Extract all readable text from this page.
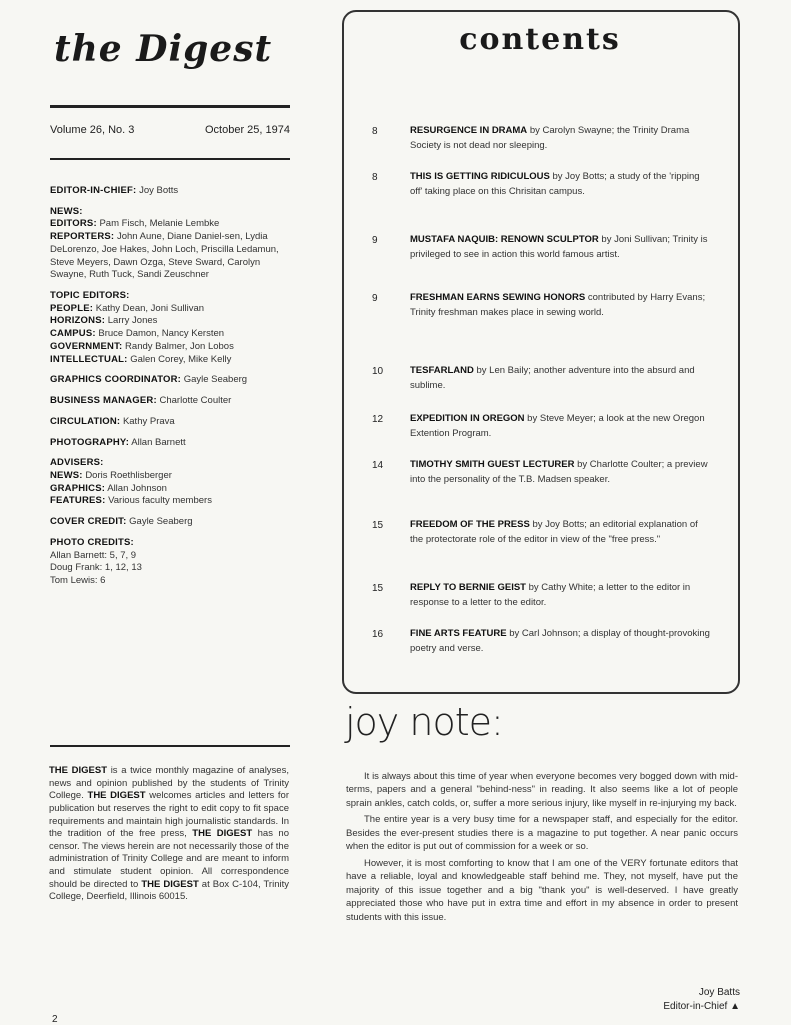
the Digest
Volume 26, No. 3	October 25, 1974
EDITOR-IN-CHIEF: Joy Botts
NEWS:
EDITORS: Pam Fisch, Melanie Lembke
REPORTERS: John Aune, Diane Daniel-sen, Lydia DeLorenzo, Joe Hakes, John Loch, Priscilla Ledamun, Steve Meyers, Dawn Ozga, Steve Sward, Carolyn Swayne, Ruth Tuck, Sandi Zeuschner
TOPIC EDITORS:
PEOPLE: Kathy Dean, Joni Sullivan
HORIZONS: Larry Jones
CAMPUS: Bruce Damon, Nancy Kersten
GOVERNMENT: Randy Balmer, Jon Lobos
INTELLECTUAL: Galen Corey, Mike Kelly
GRAPHICS COORDINATOR: Gayle Seaberg
BUSINESS MANAGER: Charlotte Coulter
CIRCULATION: Kathy Prava
PHOTOGRAPHY: Allan Barnett
ADVISERS:
NEWS: Doris Roethlisberger
GRAPHICS: Allan Johnson
FEATURES: Various faculty members
COVER CREDIT: Gayle Seaberg
PHOTO CREDITS:
Allan Barnett: 5, 7, 9
Doug Frank: 1, 12, 13
Tom Lewis: 6
THE DIGEST is a twice monthly magazine of analyses, news and opinion published by the students of Trinity College. THE DIGEST welcomes articles and letters for publication but reserves the right to edit copy to fit space requirements and maintain high journalistic standards. In the tradition of the free press, THE DIGEST has no censor. The views herein are not necessarily those of the administration of Trinity College and are meant to inform and stimulate student opinion. All correspondence should be directed to THE DIGEST at Box C-104, Trinity College, Deerfield, Illinois 60015.
contents
8	RESURGENCE IN DRAMA by Carolyn Swayne; the Trinity Drama Society is not dead nor sleeping.
8	THIS IS GETTING RIDICULOUS by Joy Botts; a study of the 'ripping off' taking place on this Chrisitan campus.
9	MUSTAFA NAQUIB: RENOWN SCULPTOR by Joni Sullivan; Trinity is privileged to see in action this world famous artist.
9	FRESHMAN EARNS SEWING HONORS contributed by Harry Evans; Trinity freshman makes place in sewing world.
10	TESFARLAND by Len Baily; another adventure into the absurd and sublime.
12	EXPEDITION IN OREGON by Steve Meyer; a look at the new Oregon Extention Program.
14	TIMOTHY SMITH GUEST LECTURER by Charlotte Coulter; a preview into the personality of the T.B. Madsen speaker.
15	FREEDOM OF THE PRESS by Joy Botts; an editorial explanation of the protectorate role of the editor in view of the "free press."
15	REPLY TO BERNIE GEIST by Cathy White; a letter to the editor in response to a letter to the editor.
16	FINE ARTS FEATURE by Carl Johnson; a display of thought-provoking poetry and verse.
joy note:

It is always about this time of year when everyone becomes very bogged down with mid-terms, papers and a general "behind-ness" in reading. It also seems like a lot of people sprain ankles, catch colds, or, suffer a more serious injury, like myself in re-injurying my back.

The entire year is a very busy time for a newspaper staff, and especially for the editor. Besides the ever-present studies there is a magazine to put together. A near panic occurs when the editor is put out of commission for a week or so.

However, it is most comforting to know that I am one of the VERY fortunate editors that have a reliable, loyal and knowledgeable staff behind me. They, not myself, have put the majority of this issue together and a big "thank you" is well-deserved. I have greatly appreciated those who have put in extra time and effort in my absence in order to present students with this issue.

Joy Batts
Editor-in-Chief ▲
2
